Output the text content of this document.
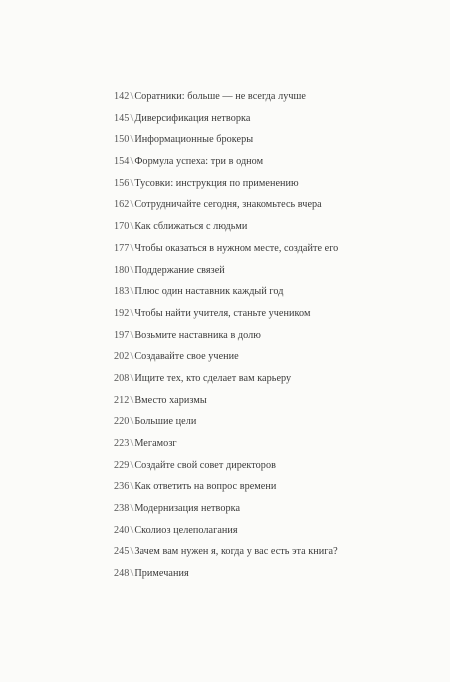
142\Соратники: больше — не всегда лучше
145\Диверсификация нетворка
150\Информационные брокеры
154\Формула успеха: три в одном
156\Тусовки: инструкция по применению
162\Сотрудничайте сегодня, знакомьтесь вчера
170\Как сближаться с людьми
177\Чтобы оказаться в нужном месте, создайте его
180\Поддержание связей
183\Плюс один наставник каждый год
192\Чтобы найти учителя, станьте учеником
197\Возьмите наставника в долю
202\Создавайте свое учение
208\Ищите тех, кто сделает вам карьеру
212\Вместо харизмы
220\Большие цели
223\Мегамозг
229\Создайте свой совет директоров
236\Как ответить на вопрос времени
238\Модернизация нетворка
240\Сколиоз целеполагания
245\Зачем вам нужен я, когда у вас есть эта книга?
248\Примечания
